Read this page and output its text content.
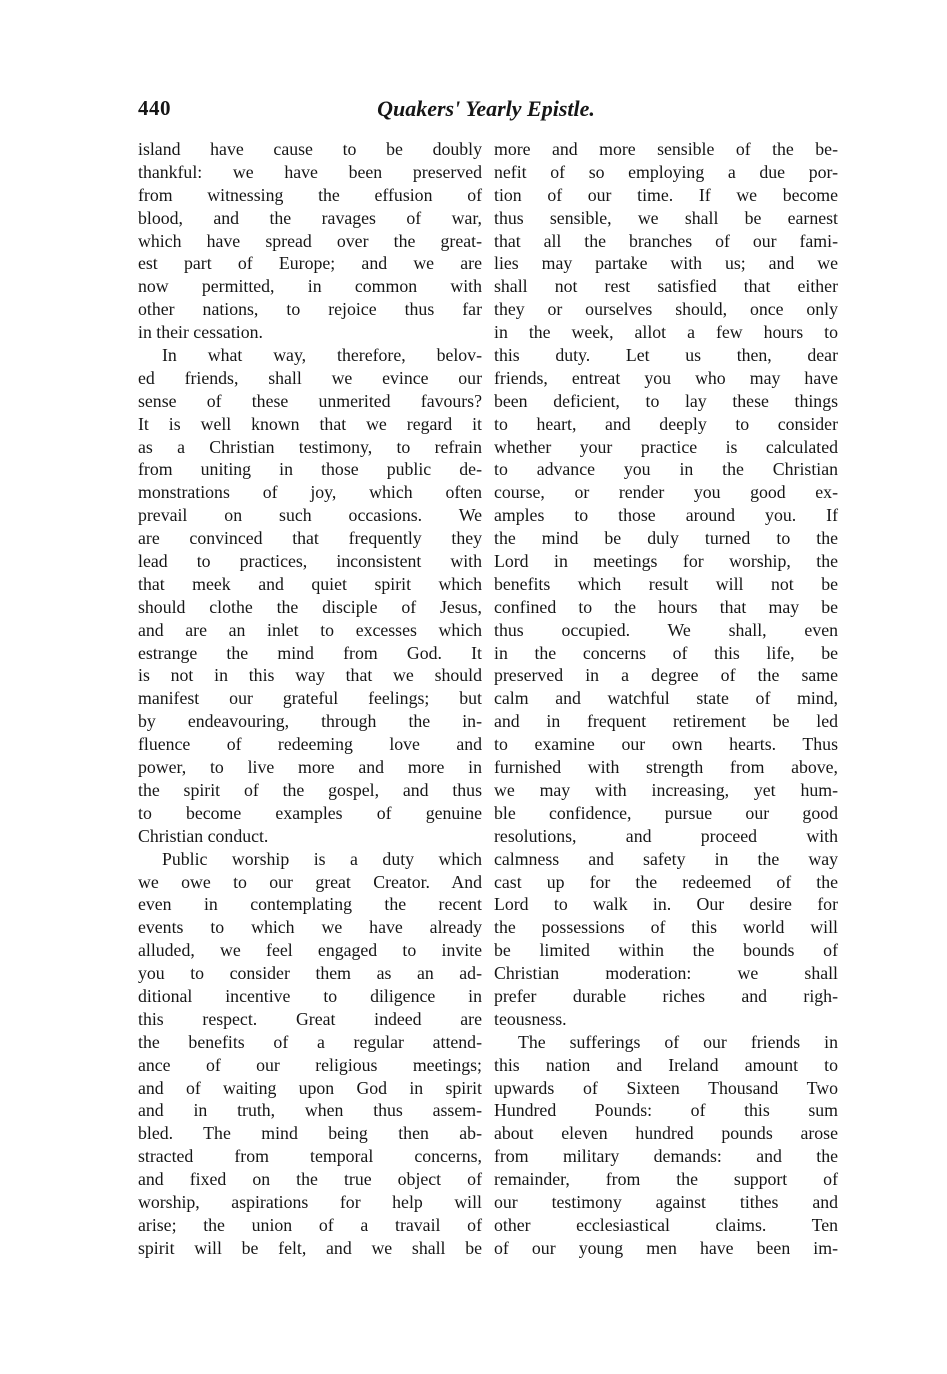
440	Quakers' Yearly Epistle.
island have cause to be doubly
thankful: we have been preserved
from witnessing the effusion of
blood, and the ravages of war,
which have spread over the great-
est part of Europe; and we are
now permitted, in common with
other nations, to rejoice thus far
in their cessation.
In what way, therefore, belov-
ed friends, shall we evince our
sense of these unmerited favours?
It is well known that we regard it
as a Christian testimony, to refrain
from uniting in those public de-
monstrations of joy, which often
prevail on such occasions. We
are convinced that frequently they
lead to practices, inconsistent with
that meek and quiet spirit which
should clothe the disciple of Jesus,
and are an inlet to excesses which
estrange the mind from God. It
is not in this way that we should
manifest our grateful feelings; but
by endeavouring, through the in-
fluence of redeeming love and
power, to live more and more in
the spirit of the gospel, and thus
to become examples of genuine
Christian conduct.
Public worship is a duty which
we owe to our great Creator. And
even in contemplating the recent
events to which we have already
alluded, we feel engaged to invite
you to consider them as an ad-
ditional incentive to diligence in
this respect. Great indeed are
the benefits of a regular attend-
ance of our religious meetings;
and of waiting upon God in spirit
and in truth, when thus assem-
bled. The mind being then ab-
stracted from temporal concerns,
and fixed on the true object of
worship, aspirations for help will
arise; the union of a travail of
spirit will be felt, and we shall be
more and more sensible of the be-
nefit of so employing a due por-
tion of our time. If we become
thus sensible, we shall be earnest
that all the branches of our fami-
lies may partake with us; and we
shall not rest satisfied that either
they or ourselves should, once only
in the week, allot a few hours to
this duty. Let us then, dear
friends, entreat you who may have
been deficient, to lay these things
to heart, and deeply to consider
whether your practice is calculated
to advance you in the Christian
course, or render you good ex-
amples to those around you. If
the mind be duly turned to the
Lord in meetings for worship, the
benefits which result will not be
confined to the hours that may be
thus occupied. We shall, even
in the concerns of this life, be
preserved in a degree of the same
calm and watchful state of mind,
and in frequent retirement be led
to examine our own hearts. Thus
furnished with strength from above,
we may with increasing, yet hum-
ble confidence, pursue our good
resolutions, and proceed with
calmness and safety in the way
cast up for the redeemed of the
Lord to walk in. Our desire for
the possessions of this world will
be limited within the bounds of
Christian moderation: we shall
prefer durable riches and righ-
teousness.
The sufferings of our friends in
this nation and Ireland amount to
upwards of Sixteen Thousand Two
Hundred Pounds: of this sum
about eleven hundred pounds arose
from military demands: and the
remainder, from the support of
our testimony against tithes and
other ecclesiastical claims. Ten
of our young men have been im-
